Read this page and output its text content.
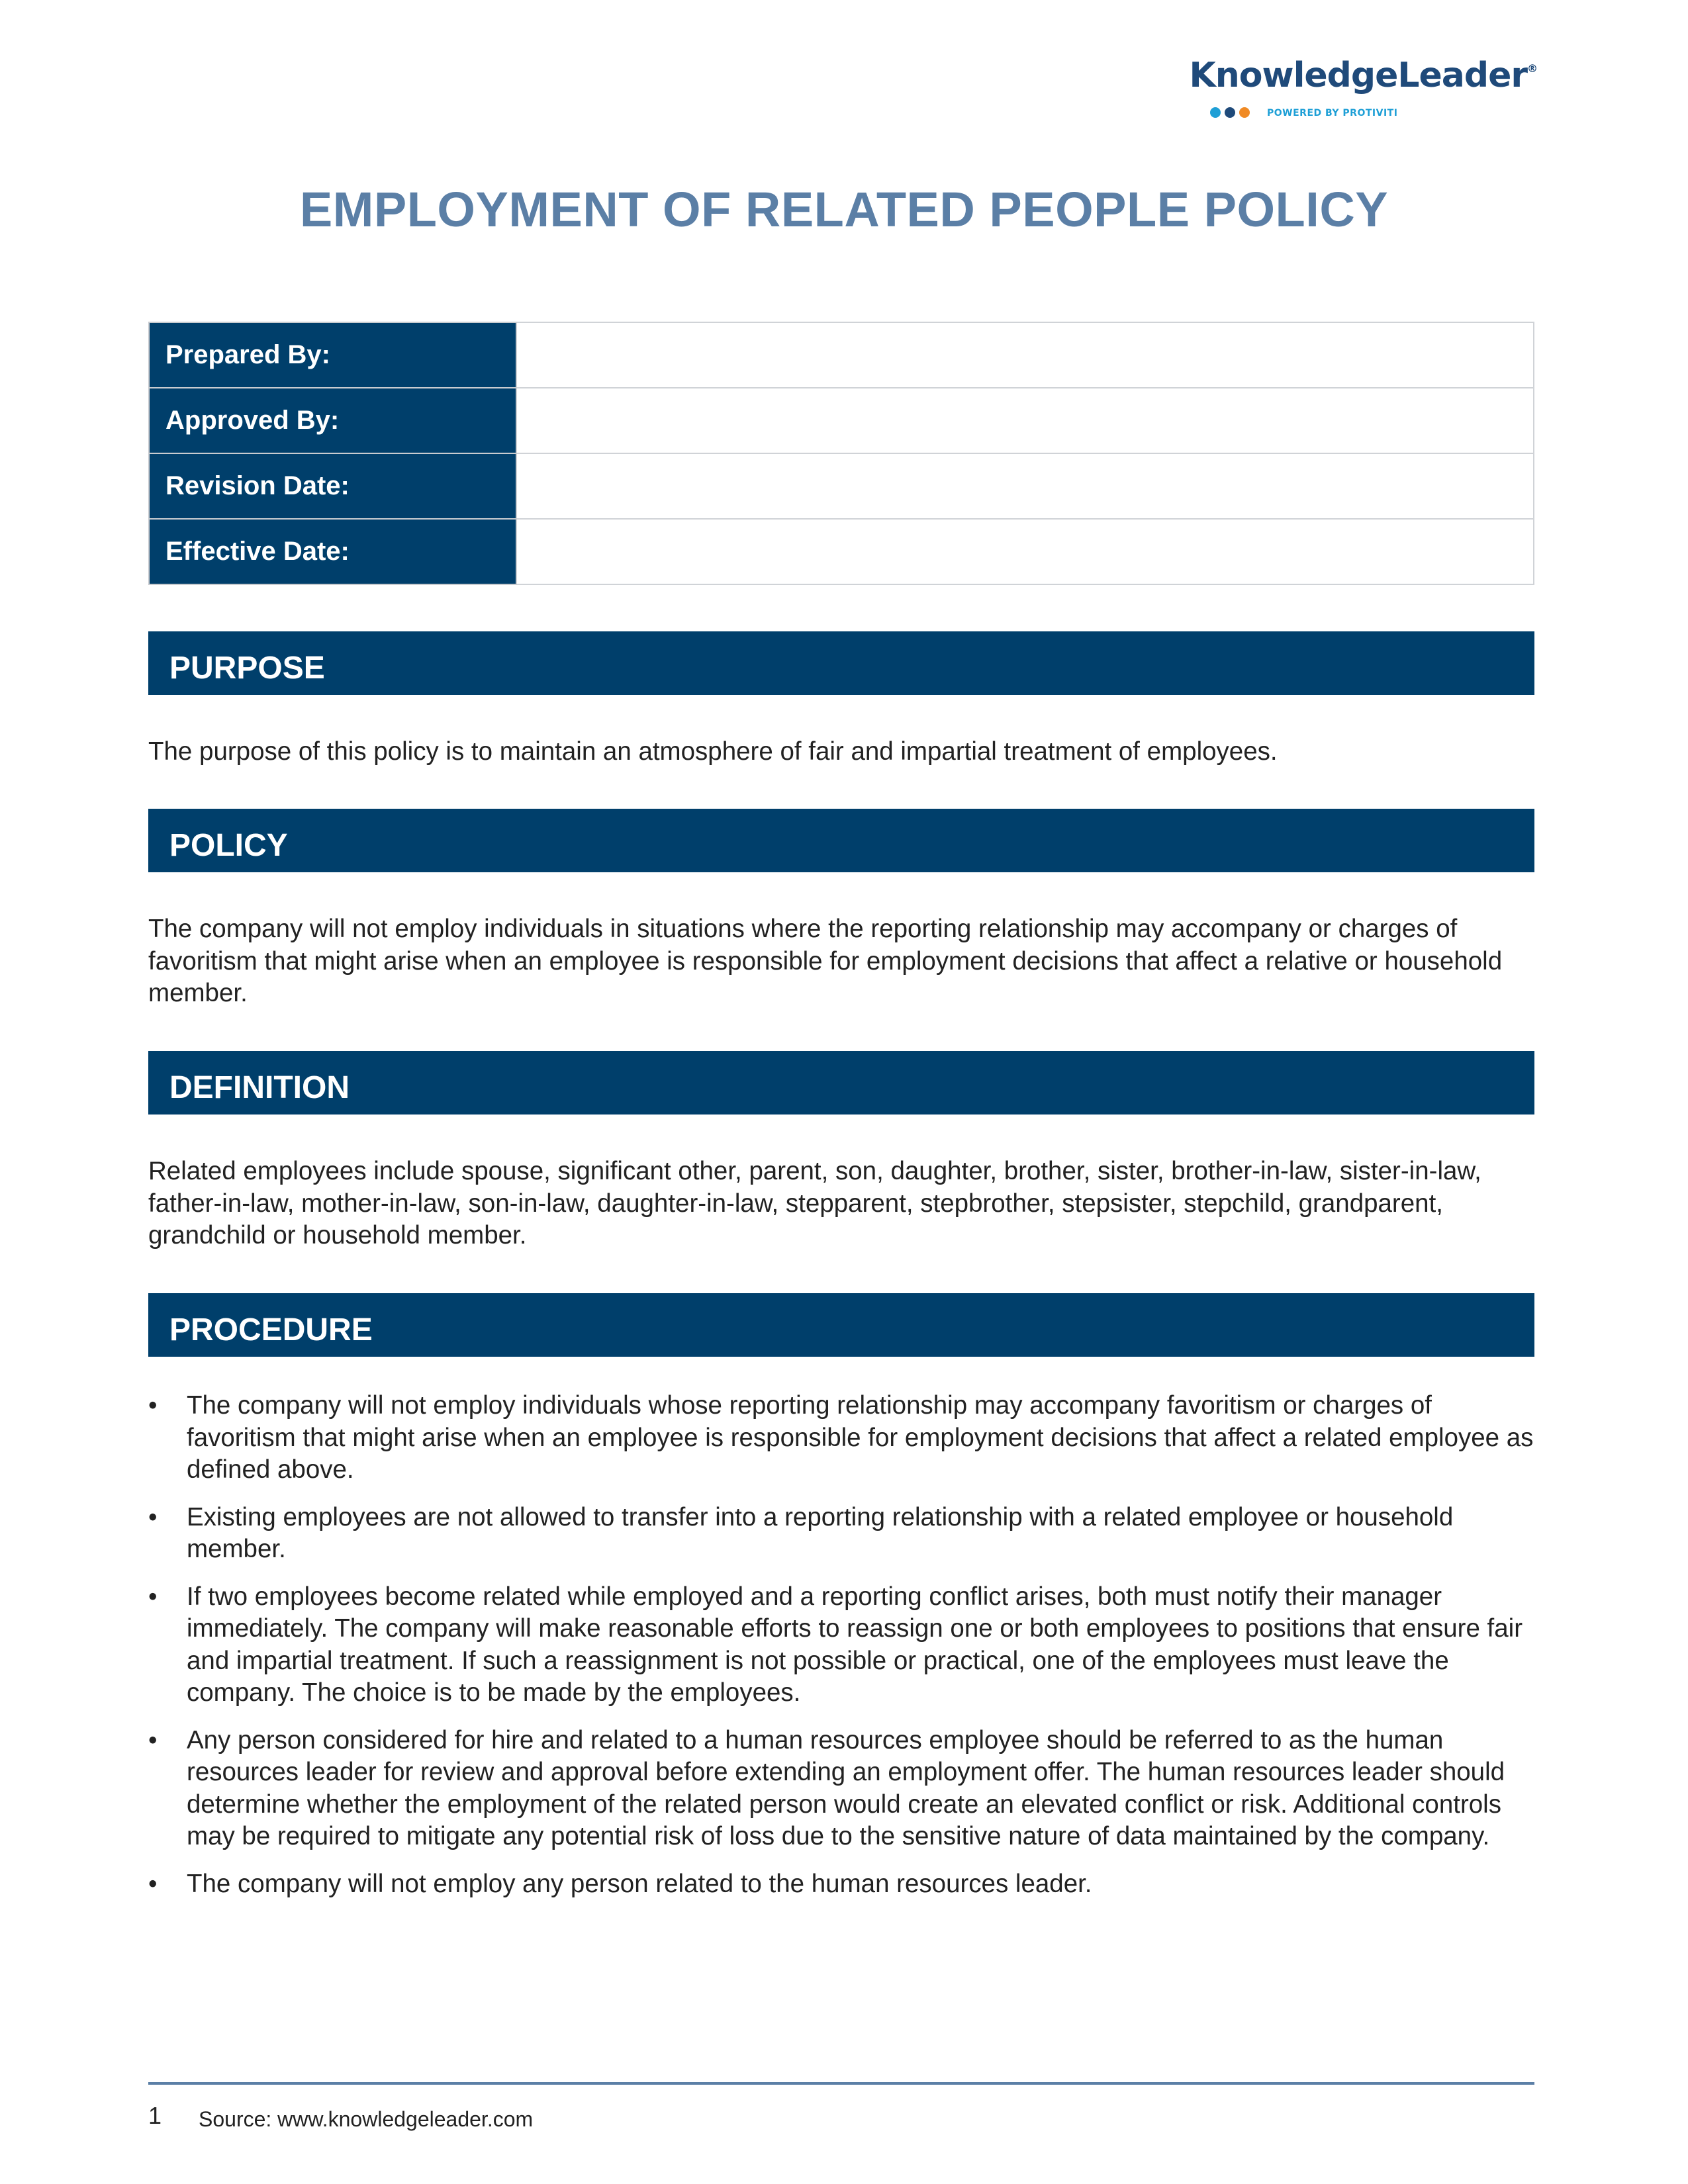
KnowledgeLeader®
POWERED BY PROTIVITI
EMPLOYMENT OF RELATED PEOPLE POLICY
Prepared By:	
Approved By:	
Revision Date:	
Effective Date:	
PURPOSE

The purpose of this policy is to maintain an atmosphere of fair and impartial treatment of employees.

POLICY

The company will not employ individuals in situations where the reporting relationship may accompany or charges of favoritism that might arise when an employee is responsible for employment decisions that affect a relative or household member.

DEFINITION

Related employees include spouse, significant other, parent, son, daughter, brother, sister, brother-in-law, sister-in-law, father-in-law, mother-in-law, son-in-law, daughter-in-law, stepparent, stepbrother, stepsister, stepchild, grandparent, grandchild or household member.

PROCEDURE
• The company will not employ individuals whose reporting relationship may accompany favoritism or charges of favoritism that might arise when an employee is responsible for employment decisions that affect a related employee as defined above.
• Existing employees are not allowed to transfer into a reporting relationship with a related employee or household member.
• If two employees become related while employed and a reporting conflict arises, both must notify their manager immediately. The company will make reasonable efforts to reassign one or both employees to positions that ensure fair and impartial treatment. If such a reassignment is not possible or practical, one of the employees must leave the company. The choice is to be made by the employees.
• Any person considered for hire and related to a human resources employee should be referred to as the human resources leader for review and approval before extending an employment offer. The human resources leader should determine whether the employment of the related person would create an elevated conflict or risk. Additional controls may be required to mitigate any potential risk of loss due to the sensitive nature of data maintained by the company.
• The company will not employ any person related to the human resources leader.
1 Source: www.knowledgeleader.com
